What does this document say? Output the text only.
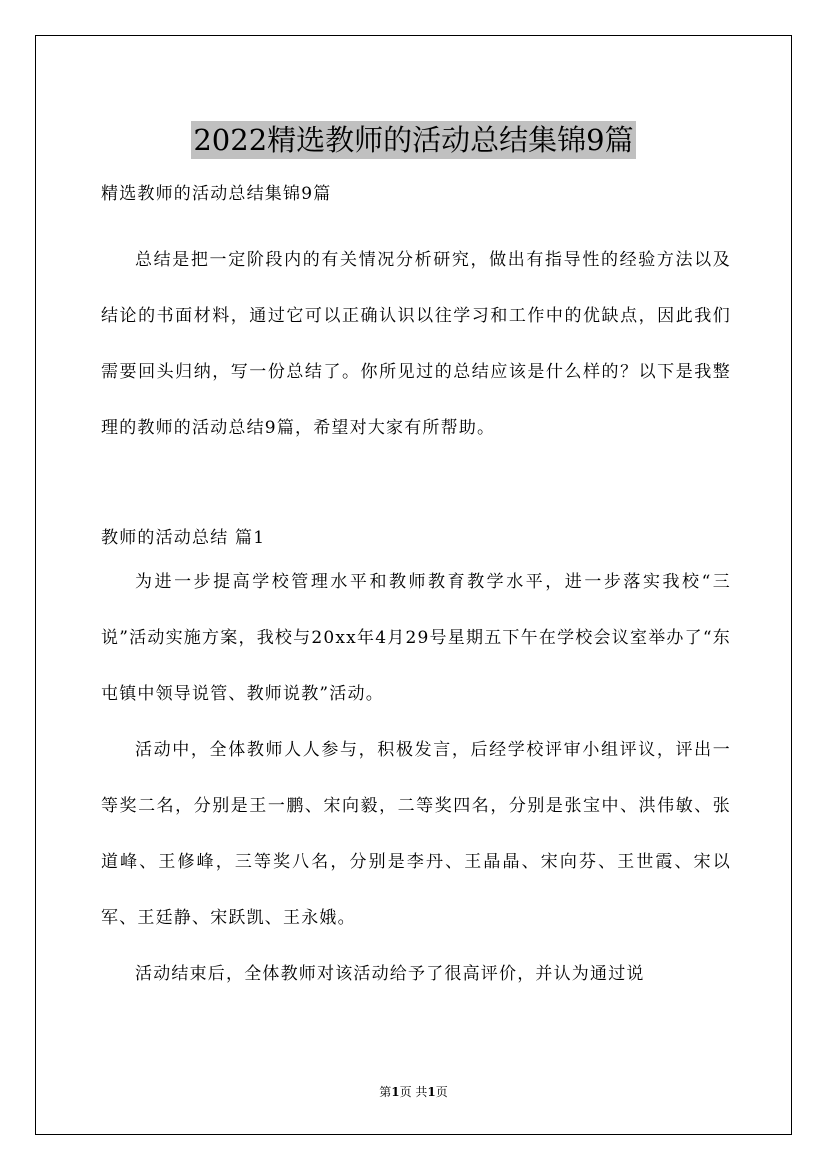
2022精选教师的活动总结集锦9篇

精选教师的活动总结集锦9篇

总结是把一定阶段内的有关情况分析研究，做出有指导性的经验方法以及结论的书面材料，通过它可以正确认识以往学习和工作中的优缺点，因此我们需要回头归纳，写一份总结了。你所见过的总结应该是什么样的？以下是我整理的教师的活动总结9篇，希望对大家有所帮助。

教师的活动总结 篇1

为进一步提高学校管理水平和教师教育教学水平，进一步落实我校“三说”活动实施方案，我校与20xx年4月29号星期五下午在学校会议室举办了“东屯镇中领导说管、教师说教”活动。

活动中，全体教师人人参与，积极发言，后经学校评审小组评议，评出一等奖二名，分别是王一鹏、宋向毅，二等奖四名，分别是张宝中、洪伟敏、张道峰、王修峰，三等奖八名，分别是李丹、王晶晶、宋向芬、王世霞、宋以军、王廷静、宋跃凯、王永娥。

活动结束后，全体教师对该活动给予了很高评价，并认为通过说

第1页 共1页
